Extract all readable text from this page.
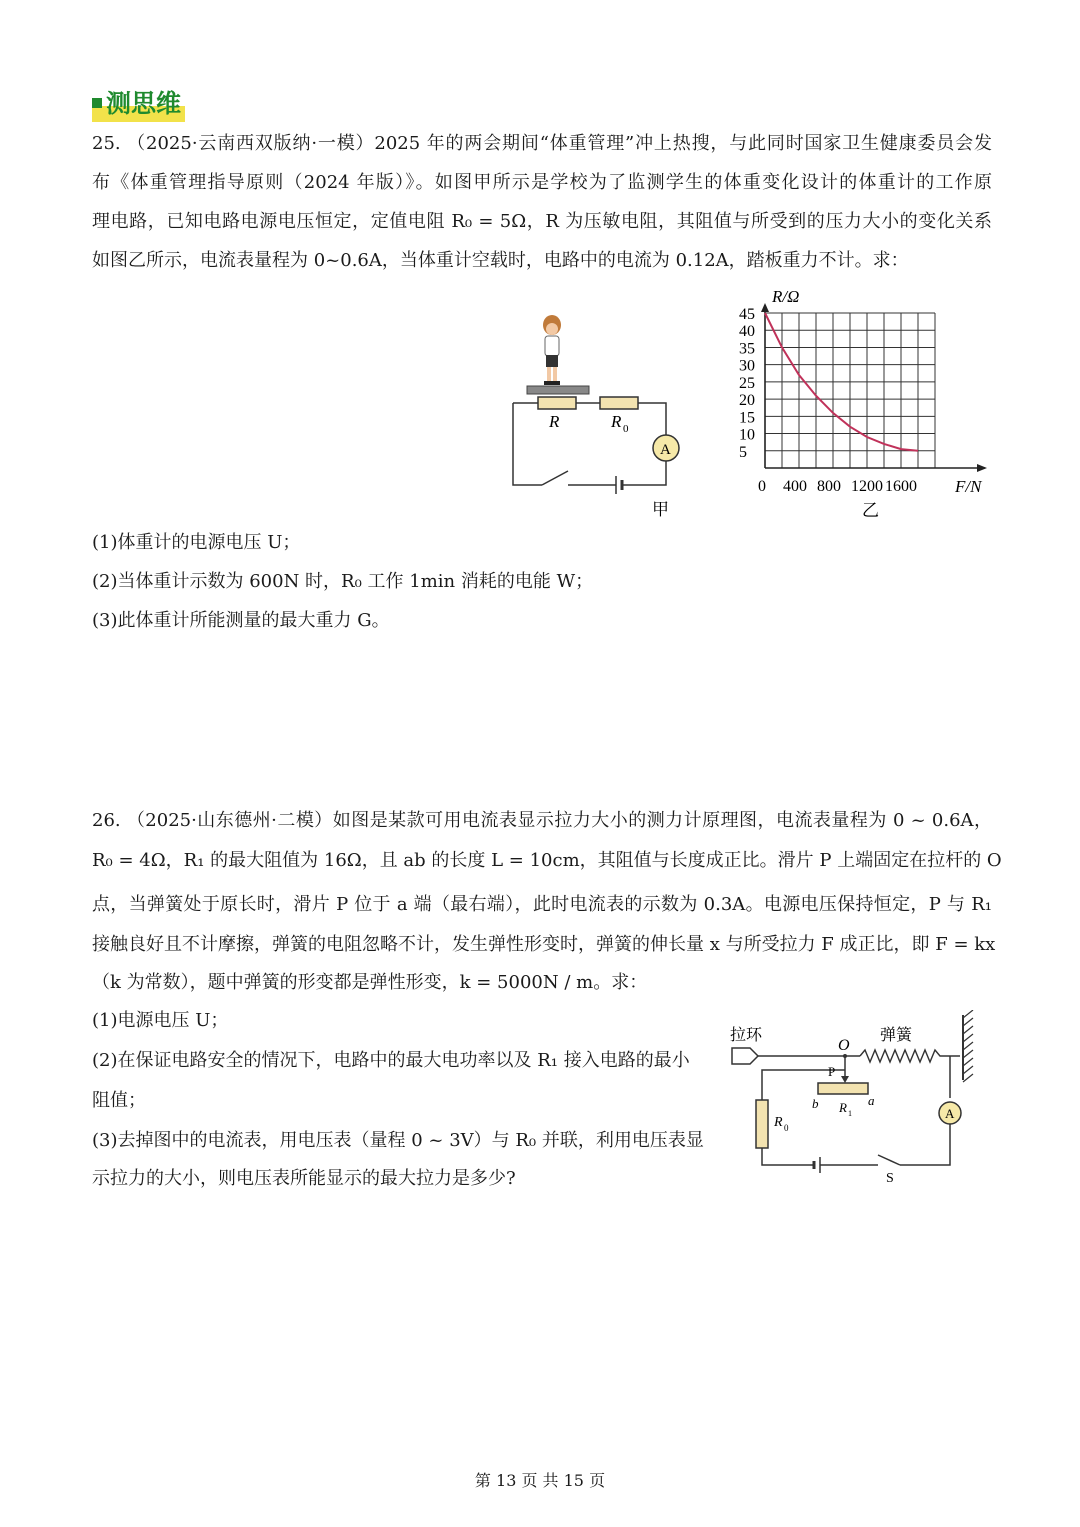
测思维
25. （2025·云南西双版纳·一模）2025 年的两会期间“体重管理”冲上热搜，与此同时国家卫生健康委员会发
布《体重管理指导原则（2024 年版）》。如图甲所示是学校为了监测学生的体重变化设计的体重计的工作原
理电路，已知电路电源电压恒定，定值电阻 R₀ = 5Ω，R 为压敏电阻，其阻值与所受到的压力大小的变化关系
如图乙所示，电流表量程为 0~0.6A，当体重计空载时，电路中的电流为 0.12A，踏板重力不计。求：
A
R	R 0
甲
5
10
15
20
25
30
35
40
45
0 400 800 1200 1600
R/Ω
F/N
乙
(1)体重计的电源电压 U；
(2)当体重计示数为 600N 时，R₀ 工作 1min 消耗的电能 W；
(3)此体重计所能测量的最大重力 G。
26. （2025·山东德州·二模）如图是某款可用电流表显示拉力大小的测力计原理图，电流表量程为 0 ~ 0.6A，
R₀ = 4Ω，R₁ 的最大阻值为 16Ω，且 ab 的长度 L = 10cm，其阻值与长度成正比。滑片 P 上端固定在拉杆的 O
点，当弹簧处于原长时，滑片 P 位于 a 端（最右端），此时电流表的示数为 0.3A。电源电压保持恒定，P 与 R₁
接触良好且不计摩擦，弹簧的电阻忽略不计，发生弹性形变时，弹簧的伸长量 x 与所受拉力 F 成正比，即 F = kx
（k 为常数），题中弹簧的形变都是弹性形变，k = 5000N / m。求：
(1)电源电压 U；
(2)在保证电路安全的情况下，电路中的最大电功率以及 R₁ 接入电路的最小
阻值；
(3)去掉图中的电流表，用电压表（量程 0 ~ 3V）与 R₀ 并联，利用电压表显
示拉力的大小，则电压表所能显示的最大拉力是多少?
拉环
O
弹簧
A
S
R 0
P
b R 1
a
第 13 页 共 15 页
